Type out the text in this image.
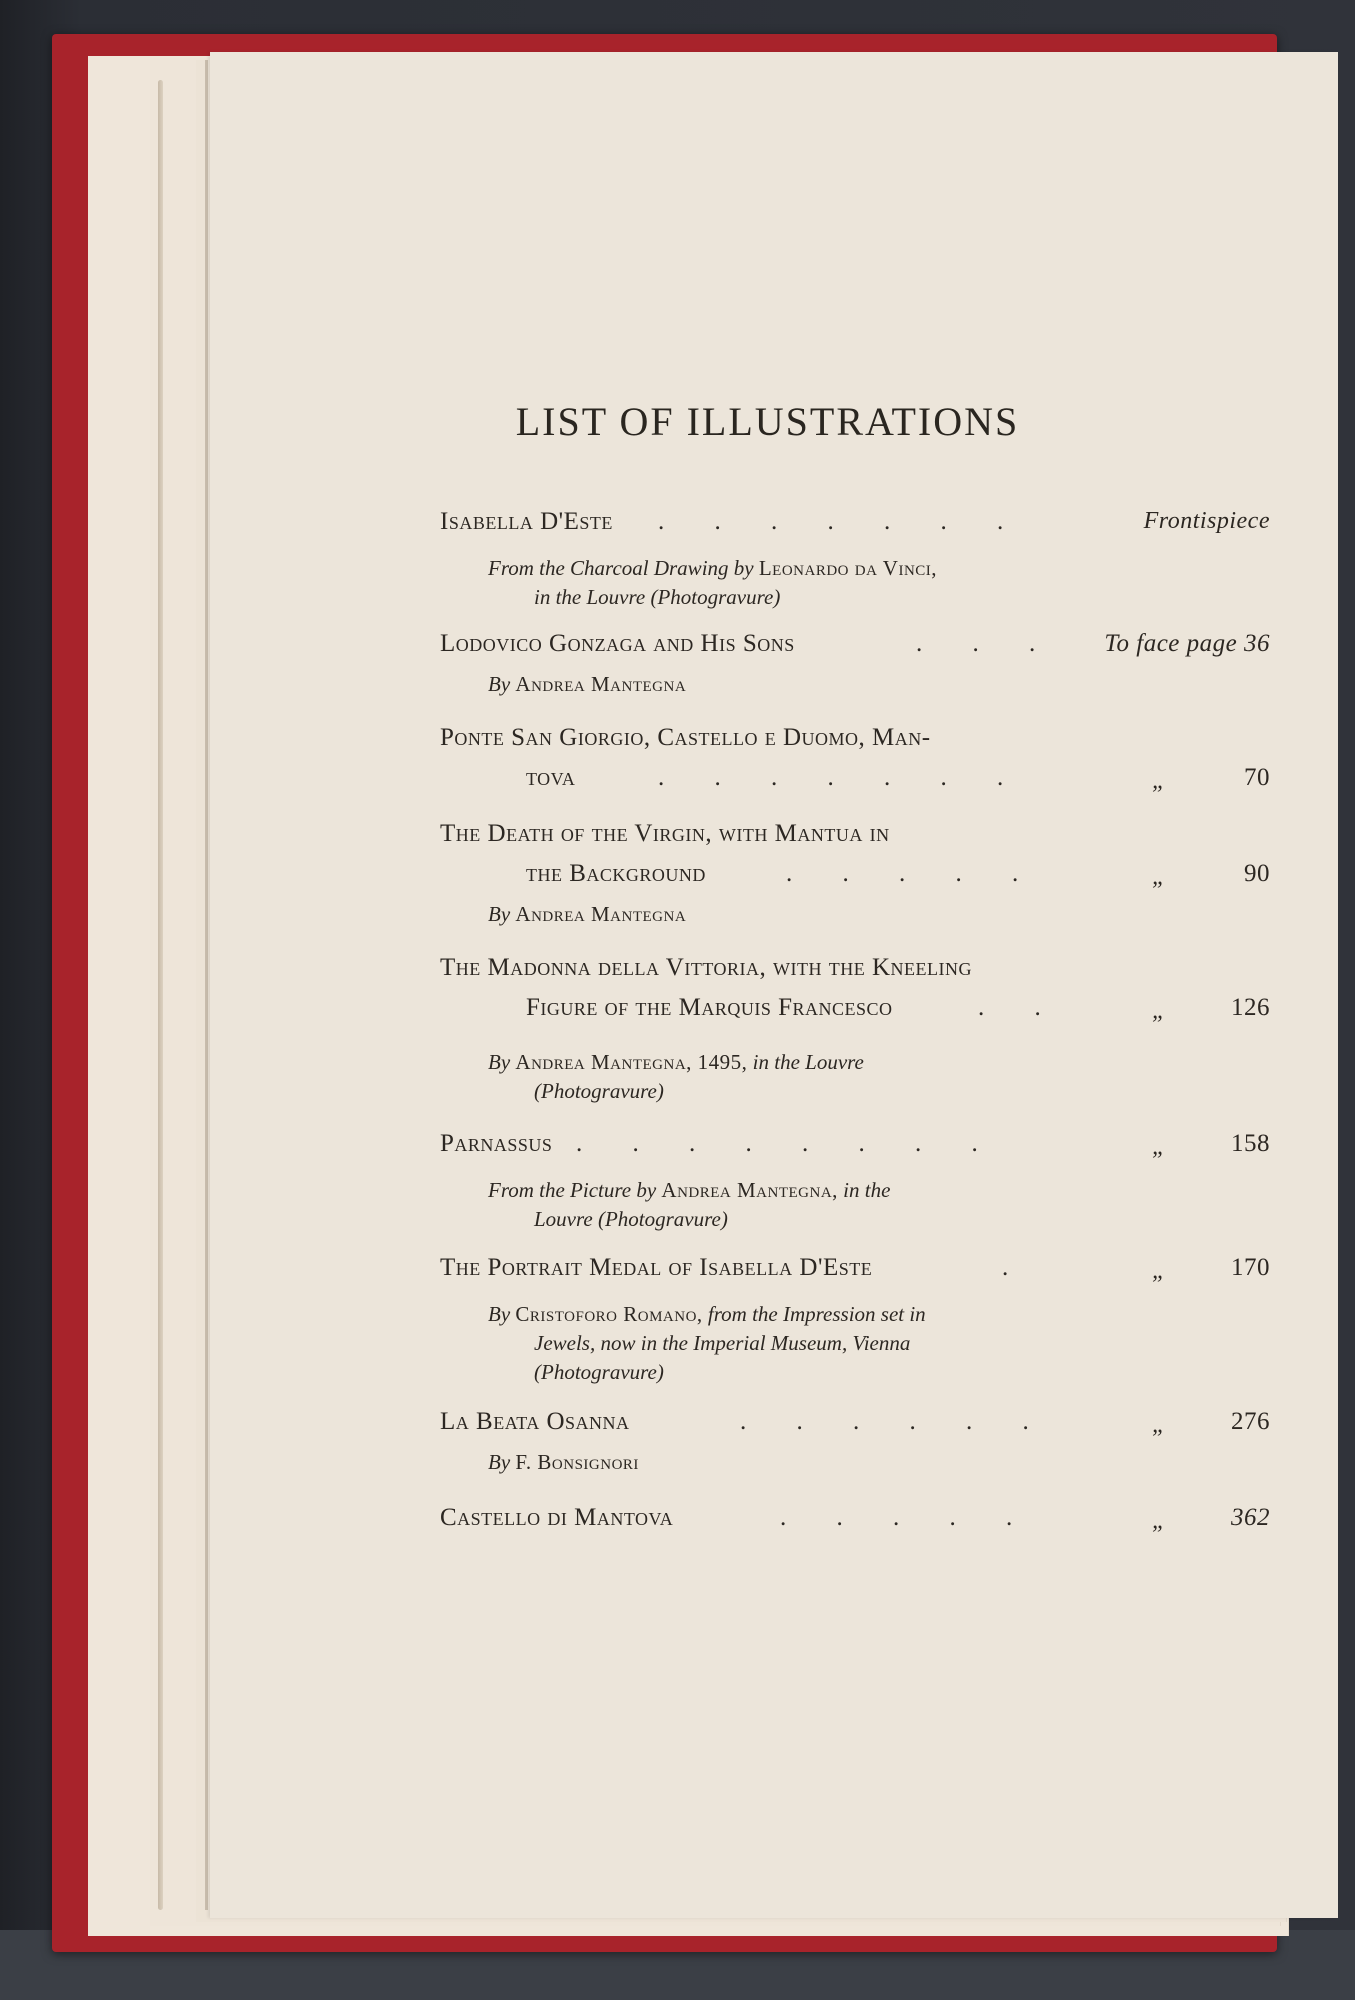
LIST OF ILLUSTRATIONS
Isabella D'Este . . . . . . .	Frontispiece
From the Charcoal Drawing by Leonardo da Vinci,
in the Louvre (Photogravure)
Lodovico Gonzaga and His Sons	. . . To face page 36
By Andrea Mantegna
Ponte San Giorgio, Castello e Duomo, Man-
tova	. . . . . . .	„	70
The Death of the Virgin, with Mantua in
the Background	. . . . .	„	90
By Andrea Mantegna
The Madonna della Vittoria, with the Kneeling
Figure of the Marquis Francesco	. .	„	126
By Andrea Mantegna, 1495, in the Louvre
(Photogravure)
Parnassus . . . . . . . .	„	158
From the Picture by Andrea Mantegna, in the
Louvre (Photogravure)
The Portrait Medal of Isabella D'Este	.	„	170
By Cristoforo Romano, from the Impression set in
Jewels, now in the Imperial Museum, Vienna
(Photogravure)
La Beata Osanna	. . . . . .	„	276
By F. Bonsignori
Castello di Mantova	. . . . .	„	362
